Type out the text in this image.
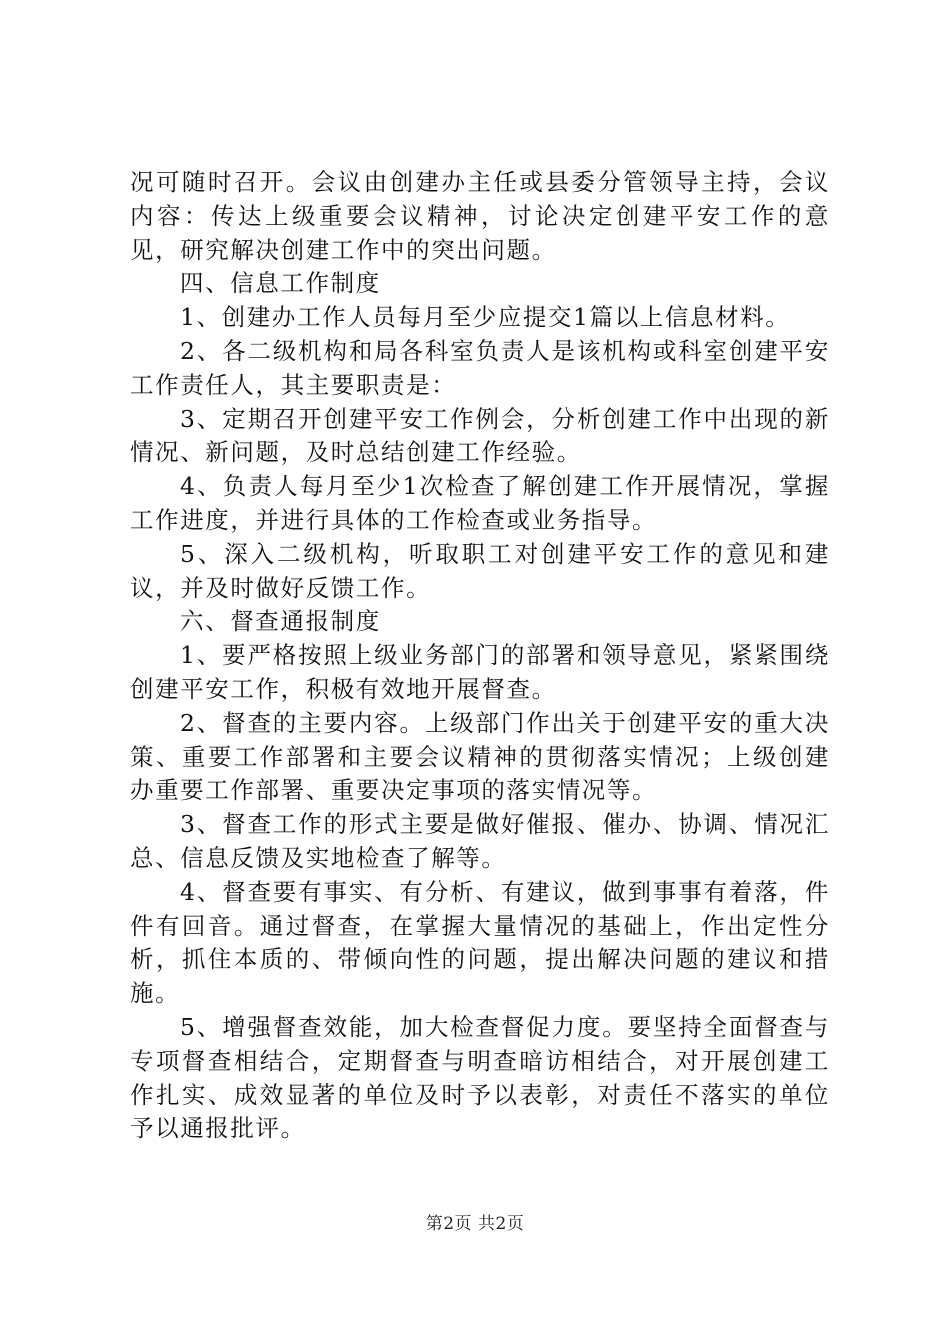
况可随时召开。会议由创建办主任或县委分管领导主持，会议内容：传达上级重要会议精神，讨论决定创建平安工作的意见，研究解决创建工作中的突出问题。

四、信息工作制度

1、创建办工作人员每月至少应提交1篇以上信息材料。

2、各二级机构和局各科室负责人是该机构或科室创建平安工作责任人，其主要职责是：

3、定期召开创建平安工作例会，分析创建工作中出现的新情况、新问题，及时总结创建工作经验。

4、负责人每月至少1次检查了解创建工作开展情况，掌握工作进度，并进行具体的工作检查或业务指导。

5、深入二级机构，听取职工对创建平安工作的意见和建议，并及时做好反馈工作。

六、督查通报制度

1、要严格按照上级业务部门的部署和领导意见，紧紧围绕创建平安工作，积极有效地开展督查。

2、督查的主要内容。上级部门作出关于创建平安的重大决策、重要工作部署和主要会议精神的贯彻落实情况；上级创建办重要工作部署、重要决定事项的落实情况等。

3、督查工作的形式主要是做好催报、催办、协调、情况汇总、信息反馈及实地检查了解等。

4、督查要有事实、有分析、有建议，做到事事有着落，件件有回音。通过督查，在掌握大量情况的基础上，作出定性分析，抓住本质的、带倾向性的问题，提出解决问题的建议和措施。

5、增强督查效能，加大检查督促力度。要坚持全面督查与专项督查相结合，定期督查与明查暗访相结合，对开展创建工作扎实、成效显著的单位及时予以表彰，对责任不落实的单位予以通报批评。

第2页 共2页
